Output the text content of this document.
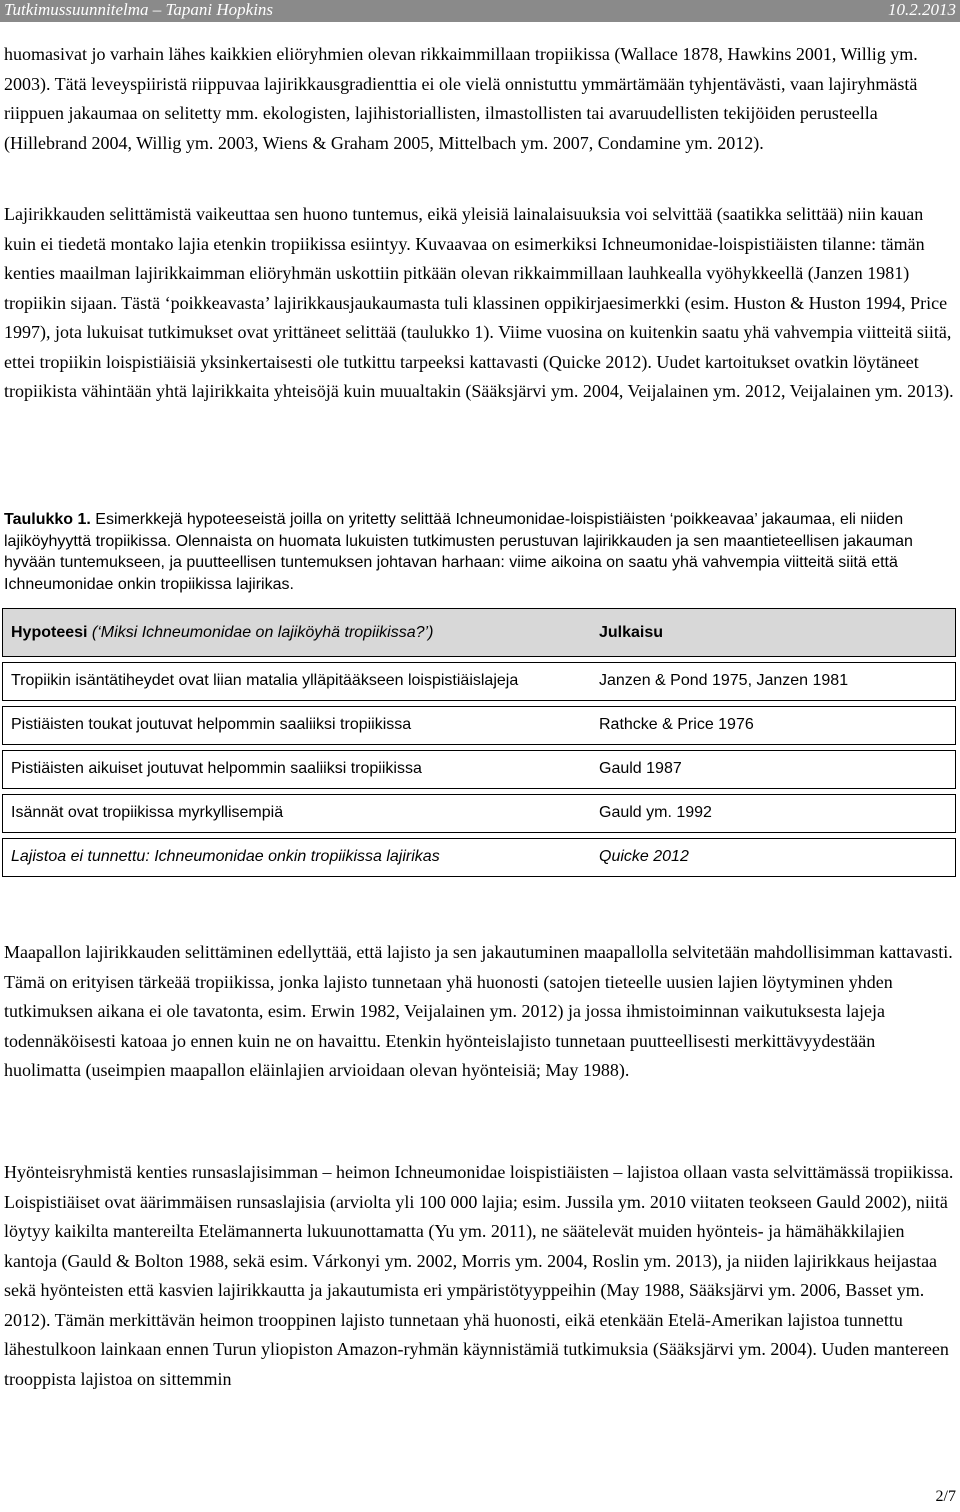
Tutkimussuunnitelma – Tapani Hopkins	10.2.2013

huomasivat jo varhain lähes kaikkien eliöryhmien olevan rikkaimmillaan tropiikissa (Wallace 1878, Hawkins 2001, Willig ym. 2003). Tätä leveyspiiristä riippuvaa lajirikkausgradienttia ei ole vielä onnistuttu ymmärtämään tyhjentävästi, vaan lajiryhmästä riippuen jakaumaa on selitetty mm. ekologisten, lajihistoriallisten, ilmastollisten tai avaruudellisten tekijöiden perusteella (Hillebrand 2004, Willig ym. 2003, Wiens & Graham 2005, Mittelbach ym. 2007, Condamine ym. 2012).

Lajirikkauden selittämistä vaikeuttaa sen huono tuntemus, eikä yleisiä lainalaisuuksia voi selvittää (saatikka selittää) niin kauan kuin ei tiedetä montako lajia etenkin tropiikissa esiintyy. Kuvaavaa on esimerkiksi Ichneumonidae-loispistiäisten tilanne: tämän kenties maailman lajirikkaimman eliöryhmän uskottiin pitkään olevan rikkaimmillaan lauhkealla vyöhykkeellä (Janzen 1981) tropiikin sijaan. Tästä ‘poikkeavasta’ lajirikkausjaukaumasta tuli klassinen oppikirjaesimerkki (esim. Huston & Huston 1994, Price 1997), jota lukuisat tutkimukset ovat yrittäneet selittää (taulukko 1). Viime vuosina on kuitenkin saatu yhä vahvempia viitteitä siitä, ettei tropiikin loispistiäisiä yksinkertaisesti ole tutkittu tarpeeksi kattavasti (Quicke 2012). Uudet kartoitukset ovatkin löytäneet tropiikista vähintään yhtä lajirikkaita yhteisöjä kuin muualtakin (Sääksjärvi ym. 2004, Veijalainen ym. 2012, Veijalainen ym. 2013).

Taulukko 1. Esimerkkejä hypoteeseistä joilla on yritetty selittää Ichneumonidae-loispistiäisten ‘poikkeavaa’ jakaumaa, eli niiden lajiköyhyyttä tropiikissa. Olennaista on huomata lukuisten tutkimusten perustuvan lajirikkauden ja sen maantieteellisen jakauman hyvään tuntemukseen, ja puutteellisen tuntemuksen johtavan harhaan: viime aikoina on saatu yhä vahvempia viitteitä siitä että Ichneumonidae onkin tropiikissa lajirikas.

Hypoteesi (‘Miksi Ichneumonidae on lajiköyhä tropiikissa?’)	Julkaisu
Tropiikin isäntätiheydet ovat liian matalia ylläpitääkseen loispistiäislajeja	Janzen & Pond 1975, Janzen 1981
Pistiäisten toukat joutuvat helpommin saaliiksi tropiikissa	Rathcke & Price 1976
Pistiäisten aikuiset joutuvat helpommin saaliiksi tropiikissa	Gauld 1987
Isännät ovat tropiikissa myrkyllisempiä	Gauld ym. 1992
Lajistoa ei tunnettu: Ichneumonidae onkin tropiikissa lajirikas	Quicke 2012

Maapallon lajirikkauden selittäminen edellyttää, että lajisto ja sen jakautuminen maapallolla selvitetään mahdollisimman kattavasti. Tämä on erityisen tärkeää tropiikissa, jonka lajisto tunnetaan yhä huonosti (satojen tieteelle uusien lajien löytyminen yhden tutkimuksen aikana ei ole tavatonta, esim. Erwin 1982, Veijalainen ym. 2012) ja jossa ihmistoiminnan vaikutuksesta lajeja todennäköisesti katoaa jo ennen kuin ne on havaittu. Etenkin hyönteislajisto tunnetaan puutteellisesti merkittävyydestään huolimatta (useimpien maapallon eläinlajien arvioidaan olevan hyönteisiä; May 1988).

Hyönteisryhmistä kenties runsaslajisimman – heimon Ichneumonidae loispistiäisten – lajistoa ollaan vasta selvittämässä tropiikissa. Loispistiäiset ovat äärimmäisen runsaslajisia (arviolta yli 100 000 lajia; esim. Jussila ym. 2010 viitaten teokseen Gauld 2002), niitä löytyy kaikilta mantereilta Etelämannerta lukuunottamatta (Yu ym. 2011), ne säätelevät muiden hyönteis- ja hämähäkkilajien kantoja (Gauld & Bolton 1988, sekä esim. Várkonyi ym. 2002, Morris ym. 2004, Roslin ym. 2013), ja niiden lajirikkaus heijastaa sekä hyönteisten että kasvien lajirikkautta ja jakautumista eri ympäristötyyppeihin (May 1988, Sääksjärvi ym. 2006, Basset ym. 2012). Tämän merkittävän heimon trooppinen lajisto tunnetaan yhä huonosti, eikä etenkään Etelä-Amerikan lajistoa tunnettu lähestulkoon lainkaan ennen Turun yliopiston Amazon-ryhmän käynnistämiä tutkimuksia (Sääksjärvi ym. 2004). Uuden mantereen trooppista lajistoa on sittemmin

2/7
